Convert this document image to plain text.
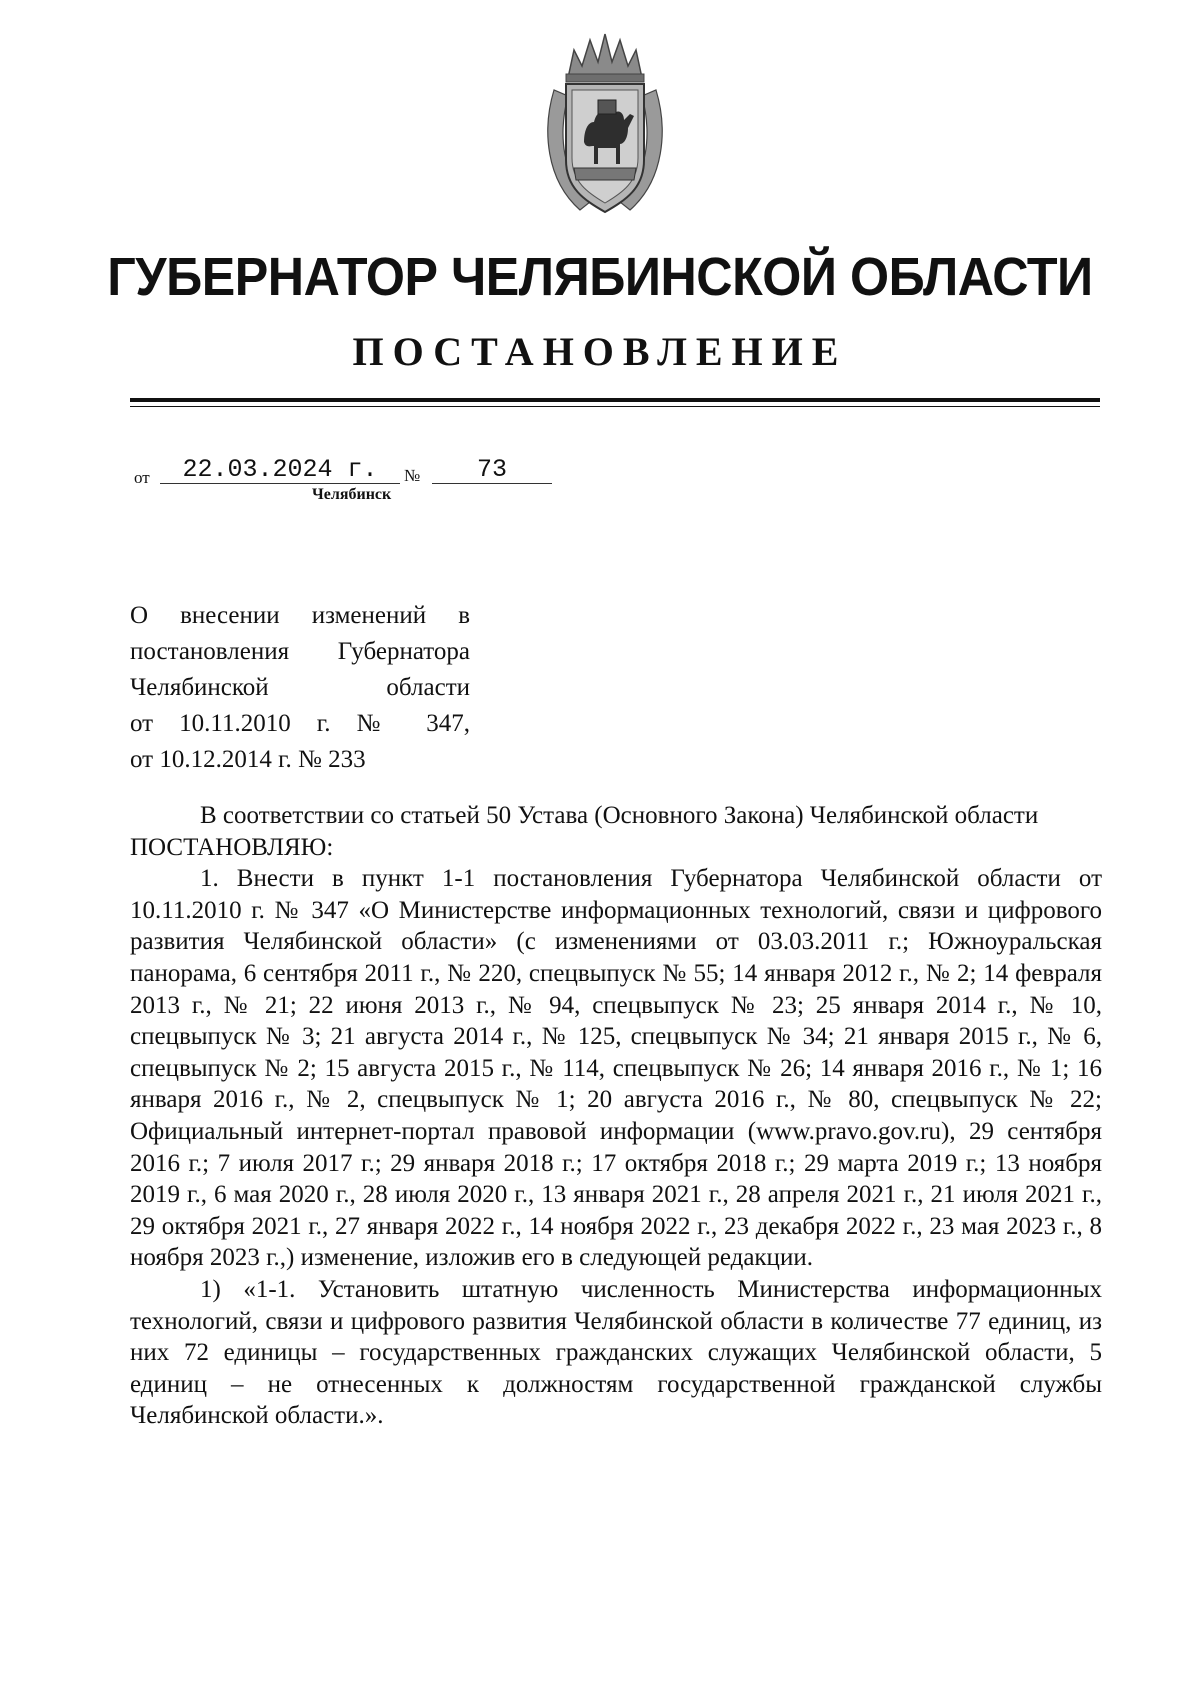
ГУБЕРНАТОР ЧЕЛЯБИНСКОЙ ОБЛАСТИ
ПОСТАНОВЛЕНИЕ
от	22.03.2024 г.	№	73
Челябинск
О внесении изменений в
постановления Губернатора
Челябинской области
от 10.11.2010 г. № 347,
от 10.12.2014 г. № 233

В соответствии со статьей 50 Устава (Основного Закона) Челябинской области

ПОСТАНОВЛЯЮ:

1. Внести в пункт 1-1 постановления Губернатора Челябинской области от 10.11.2010 г. № 347 «О Министерстве информационных технологий, связи и цифрового развития Челябинской области» (с изменениями от 03.03.2011 г.; Южноуральская панорама, 6 сентября 2011 г., № 220, спецвыпуск № 55; 14 января 2012 г., № 2; 14 февраля 2013 г., № 21; 22 июня 2013 г., № 94, спецвыпуск № 23; 25 января 2014 г., № 10, спецвыпуск № 3; 21 августа 2014 г., № 125, спецвыпуск № 34; 21 января 2015 г., № 6, спецвыпуск № 2; 15 августа 2015 г., № 114, спецвыпуск № 26; 14 января 2016 г., № 1; 16 января 2016 г., № 2, спецвыпуск № 1; 20 августа 2016 г., № 80, спецвыпуск № 22; Официальный интернет-портал правовой информации (www.pravo.gov.ru), 29 сентября 2016 г.; 7 июля 2017 г.; 29 января 2018 г.; 17 октября 2018 г.; 29 марта 2019 г.; 13 ноября 2019 г., 6 мая 2020 г., 28 июля 2020 г., 13 января 2021 г., 28 апреля 2021 г., 21 июля 2021 г., 29 октября 2021 г., 27 января 2022 г., 14 ноября 2022 г., 23 декабря 2022 г., 23 мая 2023 г., 8 ноября 2023 г.,) изменение, изложив его в следующей редакции.

1) «1-1. Установить штатную численность Министерства информационных технологий, связи и цифрового развития Челябинской области в количестве 77 единиц, из них 72 единицы – государственных гражданских служащих Челябинской области, 5 единиц – не отнесенных к должностям государственной гражданской службы Челябинской области.».
